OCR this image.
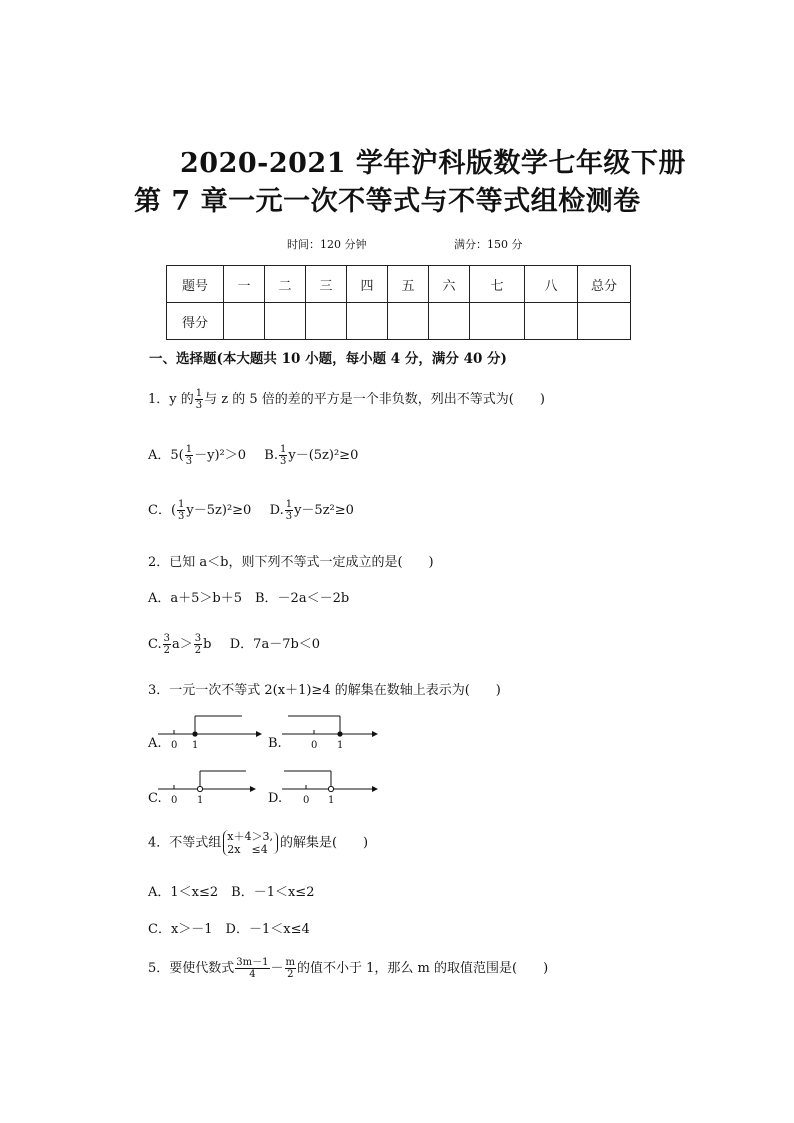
2020-2021 学年沪科版数学七年级下册
第 7 章一元一次不等式与不等式组检测卷
时间：120 分钟	满分：150 分
题号	一	二	三	四	五	六	七	八	总分
得分									
一、选择题(本大题共 10 小题，每小题 4 分，满分 40 分)
1．y 的 $\frac{1}{3}$ 与 z 的 5 倍的差的平方是一个非负数，列出不等式为(　　)
A．$5( \frac{1}{3} -y)^2>0$ B. $\frac{1}{3} y-(5z)^2\ge 0$
C．( $\frac{1}{3} y-5z)^2\ge 0$ D. $\frac{1}{3} y-5z^2\ge 0$
2．已知 a＜b，则下列不等式一定成立的是(　　)
A．a＋5＞b＋5　B．－2a＜－2b
C. $\frac{3}{2} a> \frac{3}{2}$ b D．7a－7b＜0
3．一元一次不等式 2(x＋1)≥4 的解集在数轴上表示为(　　)
A. 0 1	B.	0 1
C. 0 1	D. 0 1
4．不等式组 x＋4＞3,
2x　≤4 的解集是(　　)
A．1＜x≤2　B．－1＜x≤2
C．x＞－1　D．－1＜x≤4
5．要使代数式 $\frac{3m-1}{4} - \frac{m}{2}$ 的值不小于 1，那么 m 的取值范围是(　　)
